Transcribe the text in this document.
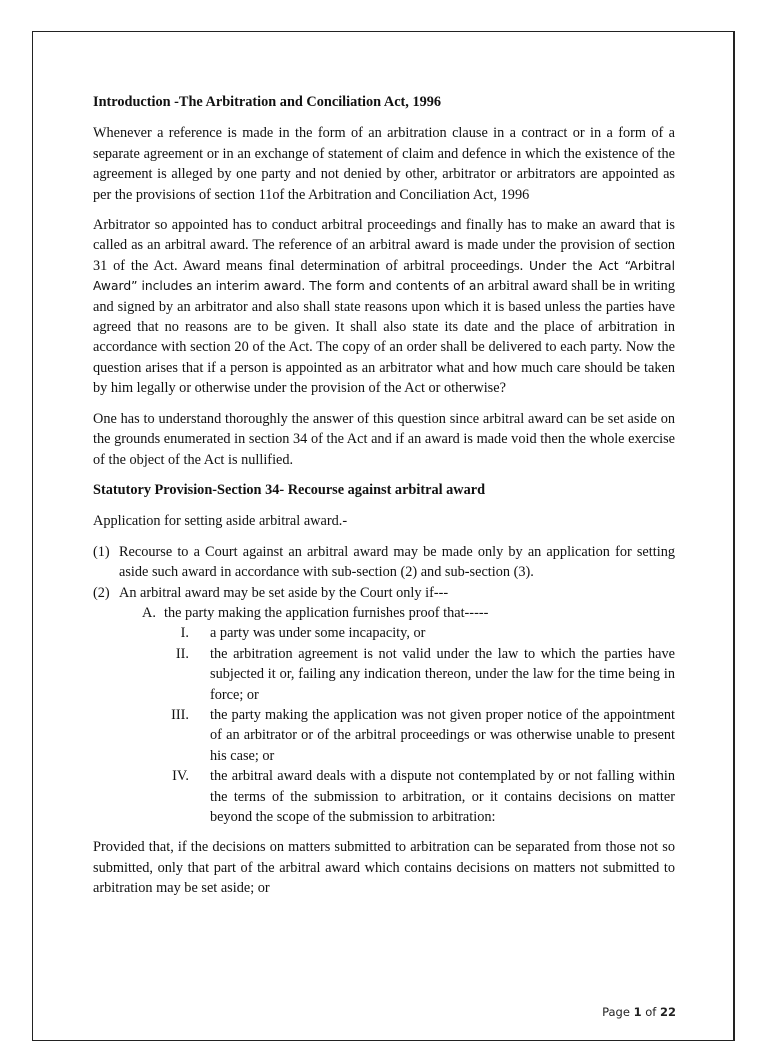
Introduction -The Arbitration and Conciliation Act, 1996
Whenever a reference is made in the form of an arbitration clause in a contract or in a form of a separate agreement or in an exchange of statement of claim and defence in which the existence of the agreement is alleged by one party and not denied by other, arbitrator or arbitrators are appointed as per the provisions of section 11of the Arbitration and Conciliation Act, 1996
Arbitrator so appointed has to conduct arbitral proceedings and finally has to make an award that is called as an arbitral award. The reference of an arbitral award is made under the provision of section 31 of the Act. Award means final determination of arbitral proceedings. Under the Act “Arbitral Award” includes an interim award. The form and contents of an arbitral award shall be in writing and signed by an arbitrator and also shall state reasons upon which it is based unless the parties have agreed that no reasons are to be given. It shall also state its date and the place of arbitration in accordance with section 20 of the Act. The copy of an order shall be delivered to each party. Now the question arises that if a person is appointed as an arbitrator what and how much care should be taken by him legally or otherwise under the provision of the Act or otherwise?
One has to understand thoroughly the answer of this question since arbitral award can be set aside on the grounds enumerated in section 34 of the Act and if an award is made void then the whole exercise of the object of the Act is nullified.
Statutory Provision-Section 34- Recourse against arbitral award
Application for setting aside arbitral award.-
(1) Recourse to a Court against an arbitral award may be made only by an application for setting aside such award in accordance with sub-section (2) and sub-section (3).
(2) An arbitral award may be set aside by the Court only if---
A. the party making the application furnishes proof that-----
I. a party was under some incapacity, or
II. the arbitration agreement is not valid under the law to which the parties have subjected it or, failing any indication thereon, under the law for the time being in force; or
III. the party making the application was not given proper notice of the appointment of an arbitrator or of the arbitral proceedings or was otherwise unable to present his case; or
IV. the arbitral award deals with a dispute not contemplated by or not falling within the terms of the submission to arbitration, or it contains decisions on matter beyond the scope of the submission to arbitration:
Provided that, if the decisions on matters submitted to arbitration can be separated from those not so submitted, only that part of the arbitral award which contains decisions on matters not submitted to arbitration may be set aside; or
Page 1 of 22
